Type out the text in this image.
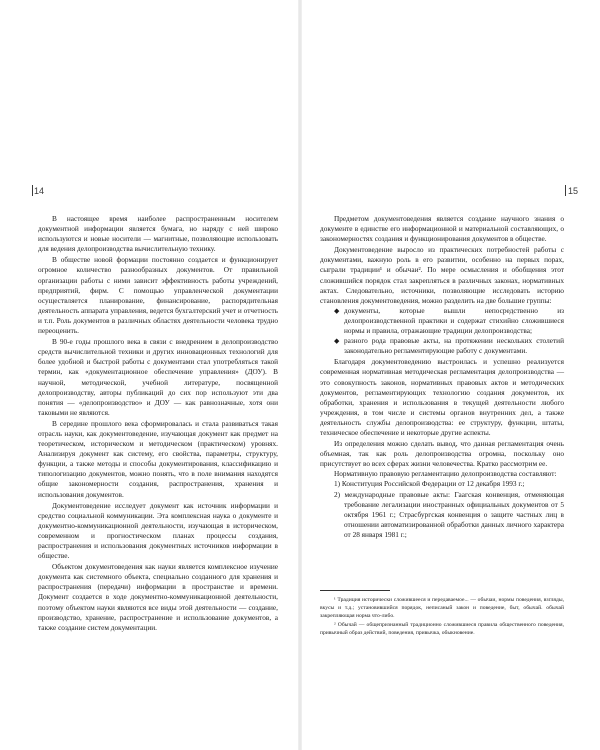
14

В настоящее время наиболее распространенным носителем документной информации является бумага, но наряду с ней широко используются и новые носители — магнитные, позволяющие использовать для ведения делопроизводства вычислительную технику.

В обществе новой формации постоянно создается и функционирует огромное количество разнообразных документов. От правильной организации работы с ними зависит эффективность работы учреждений, предприятий, фирм. С помощью управленческой документации осуществляется планирование, финансирование, распорядительная деятельность аппарата управления, ведется бухгалтерский учет и отчетность и т.п. Роль документов в различных областях деятельности человека трудно переоценить.

В 90-е годы прошлого века в связи с внедрением в делопроизводство средств вычислительной техники и других инновационных технологий для более удобной и быстрой работы с документами стал употребляться такой термин, как «документационное обеспечение управления» (ДОУ). В научной, методической, учебной литературе, посвященной делопроизводству, авторы публикаций до сих пор используют эти два понятия — «делопроизводство» и ДОУ — как равнозначные, хотя они таковыми не являются.

В середине прошлого века сформировалась и стала развиваться такая отрасль науки, как документоведение, изучающая документ как предмет на теоретическом, историческом и методическом (практическом) уровнях. Анализируя документ как систему, его свойства, параметры, структуру, функции, а также методы и способы документирования, классификацию и типологизацию документов, можно понять, что в поле внимания находятся общие закономерности создания, распространения, хранения и использования документов.

Документоведение исследует документ как источник информации и средство социальной коммуникации. Эта комплексная наука о документе и документно-коммуникационной деятельности, изучающая в историческом, современном и прогностическом планах процессы создания, распространения и использования документных источников информации в обществе.

Объектом документоведения как науки является комплексное изучение документа как системного объекта, специально созданного для хранения и распространения (передачи) информации в пространстве и времени. Документ создается в ходе документно-коммуникационной деятельности, поэтому объектом науки являются все виды этой деятельности — создание, производство, хранение, распространение и использование документов, а также создание систем документации.

15

Предметом документоведения является создание научного знания о документе в единстве его информационной и материальной составляющих, о закономерностях создания и функционирования документов в обществе.

Документоведение выросло из практических потребностей работы с документами, важную роль в его развитии, особенно на первых порах, сыграли традиции¹ и обычаи². По мере осмысления и обобщения этот сложившийся порядок стал закрепляться в различных законах, нормативных актах. Следовательно, источники, позволяющие исследовать историю становления документоведения, можно разделить на две большие группы:

◆ документы, которые вышли непосредственно из делопроизводственной практики и содержат стихийно сложившиеся нормы и правила, отражающие традиции делопроизводства;
◆ разного рода правовые акты, на протяжении нескольких столетий законодательно регламентирующие работу с документами.

Благодаря документоведению выстроилась и успешно реализуется современная нормативная методическая регламентация делопроизводства — это совокупность законов, нормативных правовых актов и методических документов, регламентирующих технологию создания документов, их обработки, хранения и использования в текущей деятельности любого учреждения, в том числе и системы органов внутренних дел, а также деятельность службы делопроизводства: ее структуру, функции, штаты, техническое обеспечение и некоторые другие аспекты.

Из определения можно сделать вывод, что данная регламентация очень объемная, так как роль делопроизводства огромна, поскольку оно присутствует во всех сферах жизни человечества. Кратко рассмотрим ее.

Нормативную правовую регламентацию делопроизводства составляют:

1) Конституция Российской Федерации от 12 декабря 1993 г.;
2) международные правовые акты: Гаагская конвенция, отменяющая требование легализации иностранных официальных документов от 5 октября 1961 г.; Страсбургская конвенция о защите частных лиц в отношении автоматизированной обработки данных личного характера от 28 января 1981 г.;

¹ Традиция исторически сложившееся и передаваемое... — обычаи, нормы поведения, взгляды, вкусы и т.д.; установившийся порядок, неписаный закон и поведение, быт, обычай. обычай закрепляющая норма что-либо.

² Обычай — общепризнанный традиционно сложившиеся правила общественного поведения, привычный образ действий, поведения, привычка, обыкновение.
